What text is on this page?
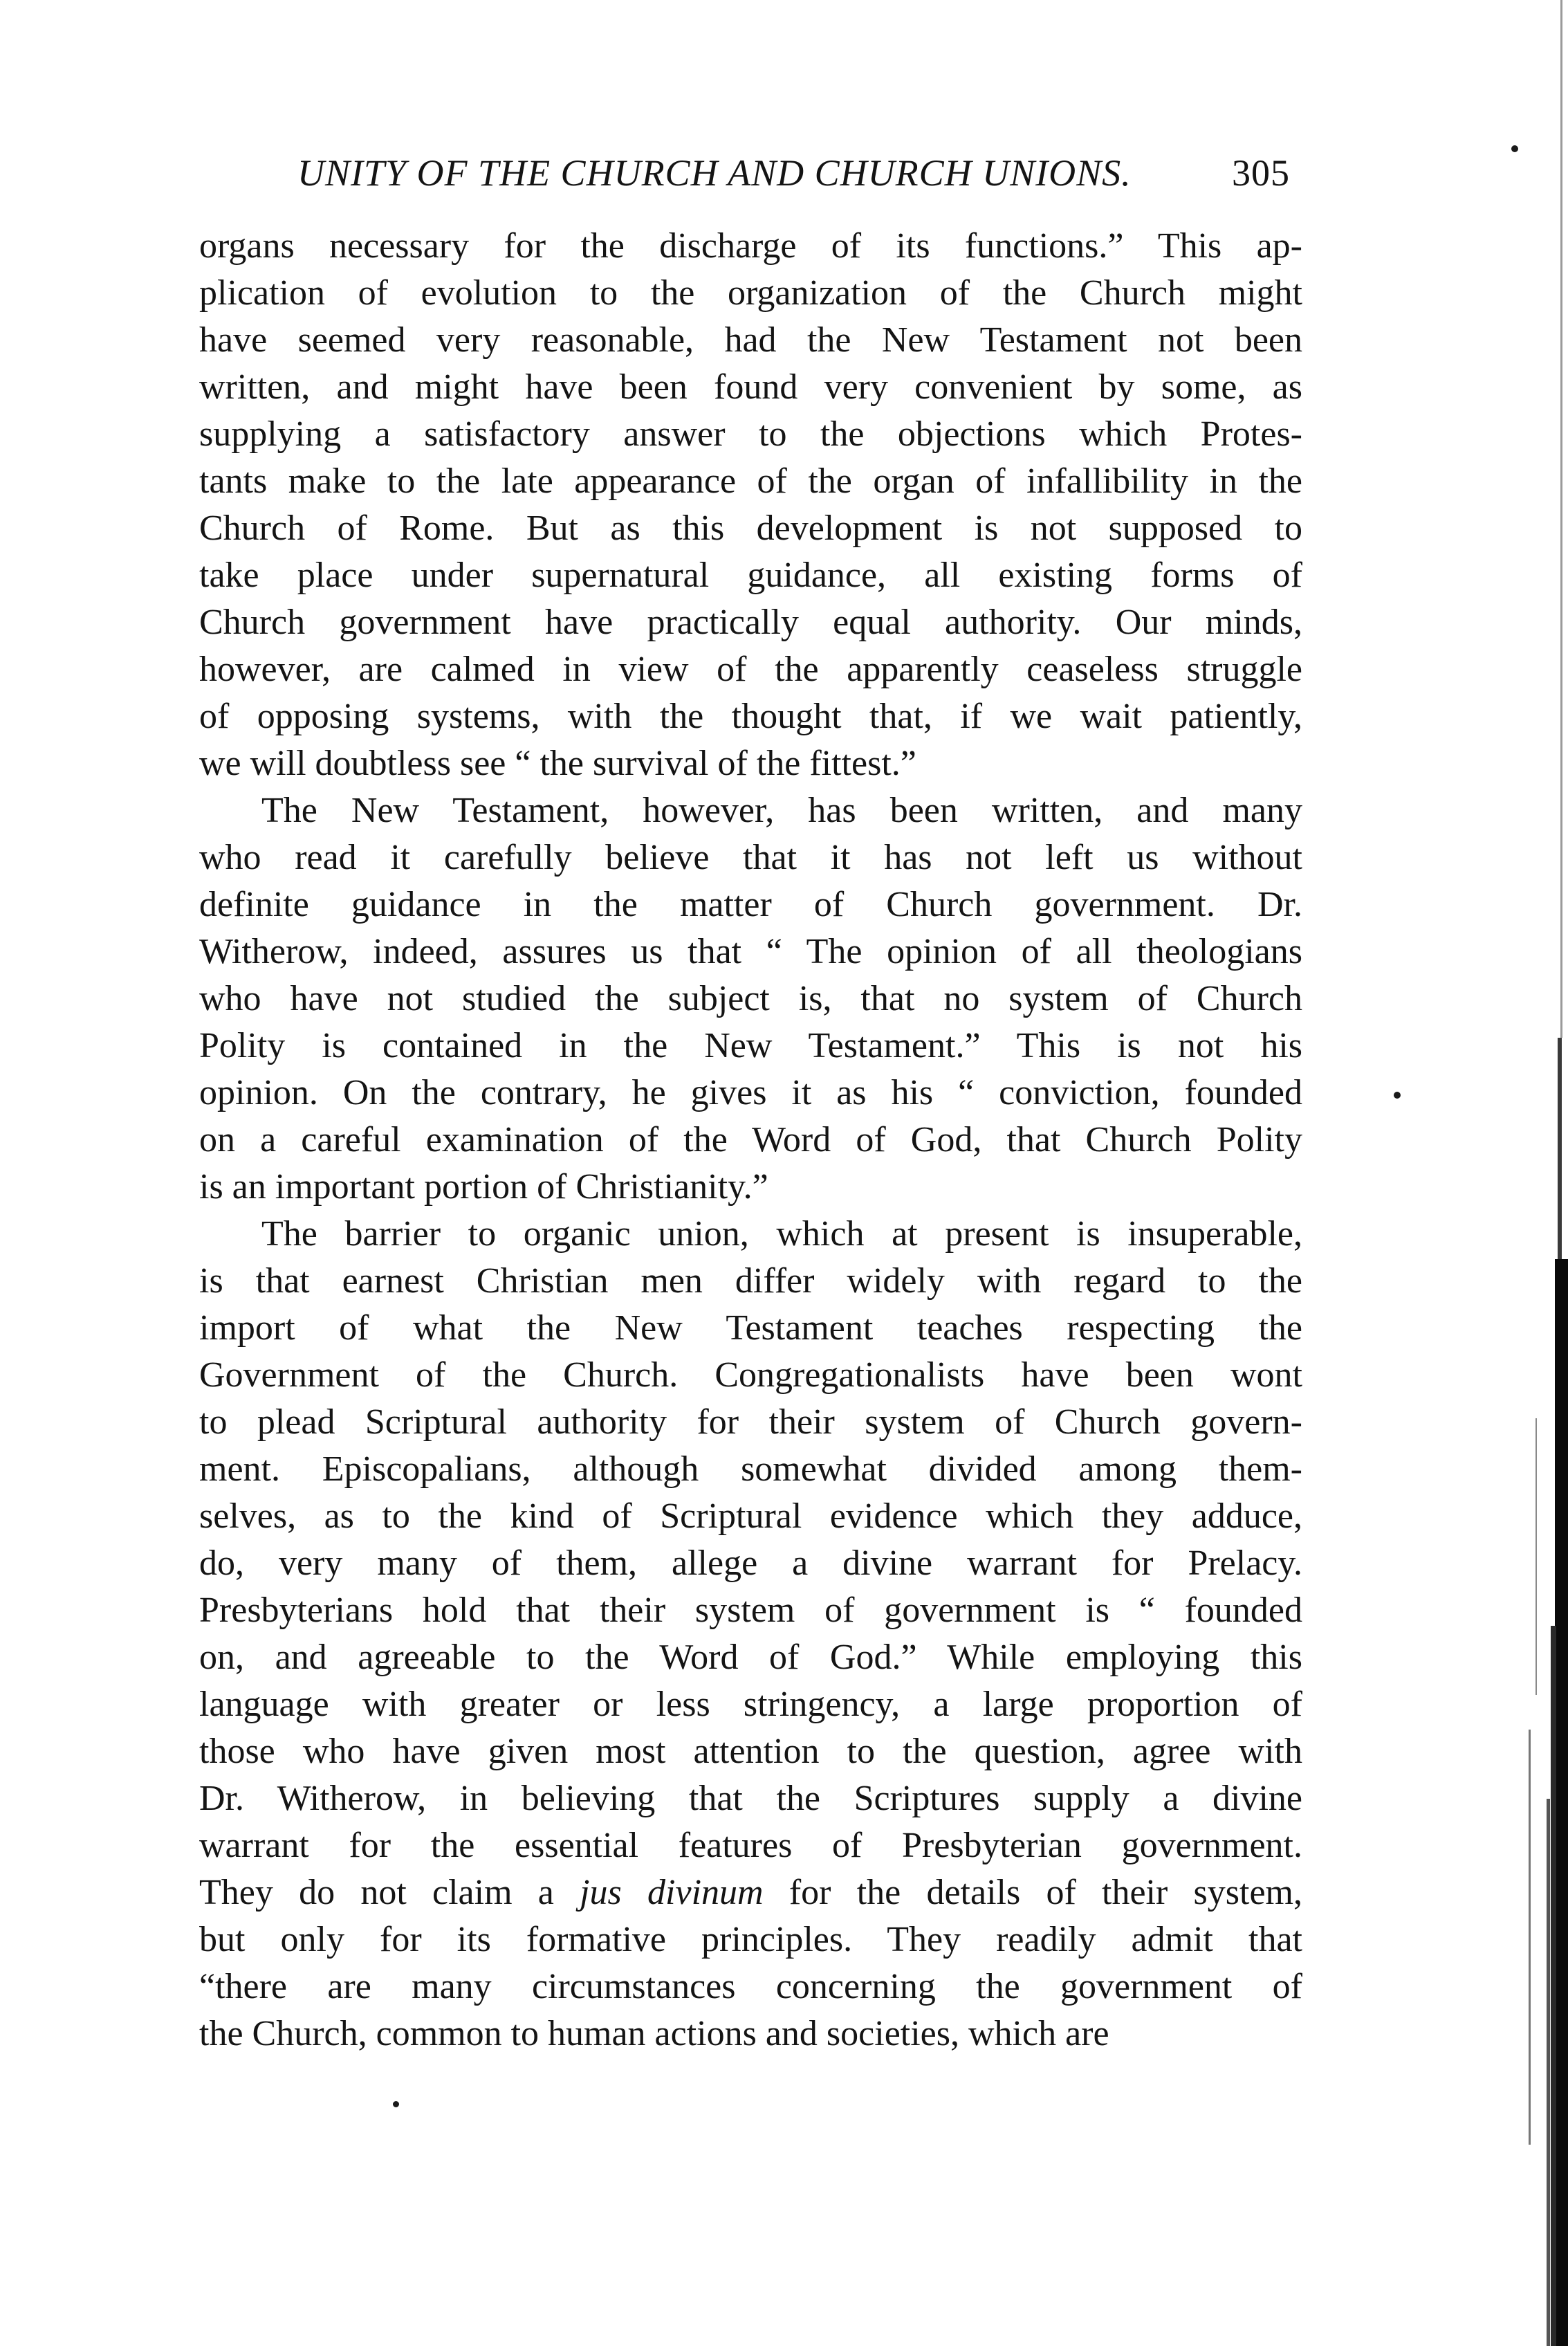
UNITY OF THE CHURCH AND CHURCH UNIONS.	305
organs necessary for the discharge of its functions.” This ap-
plication of evolution to the organization of the Church might
have seemed very reasonable, had the New Testament not been
written, and might have been found very convenient by some, as
supplying a satisfactory answer to the objections which Protes-
tants make to the late appearance of the organ of infallibility in the
Church of Rome. But as this development is not supposed to
take place under supernatural guidance, all existing forms of
Church government have practically equal authority. Our minds,
however, are calmed in view of the apparently ceaseless struggle
of opposing systems, with the thought that, if we wait patiently,
we will doubtless see “ the survival of the fittest.”
The New Testament, however, has been written, and many
who read it carefully believe that it has not left us without
definite guidance in the matter of Church government. Dr.
Witherow, indeed, assures us that “ The opinion of all theologians
who have not studied the subject is, that no system of Church
Polity is contained in the New Testament.” This is not his
opinion. On the contrary, he gives it as his “ conviction, founded
on a careful examination of the Word of God, that Church Polity
is an important portion of Christianity.”
The barrier to organic union, which at present is insuperable,
is that earnest Christian men differ widely with regard to the
import of what the New Testament teaches respecting the
Government of the Church. Congregationalists have been wont
to plead Scriptural authority for their system of Church govern-
ment. Episcopalians, although somewhat divided among them-
selves, as to the kind of Scriptural evidence which they adduce,
do, very many of them, allege a divine warrant for Prelacy.
Presbyterians hold that their system of government is “ founded
on, and agreeable to the Word of God.” While employing this
language with greater or less stringency, a large proportion of
those who have given most attention to the question, agree with
Dr. Witherow, in believing that the Scriptures supply a divine
warrant for the essential features of Presbyterian government.
They do not claim a jus divinum for the details of their system,
but only for its formative principles. They readily admit that
“there are many circumstances concerning the government of
the Church, common to human actions and societies, which are
